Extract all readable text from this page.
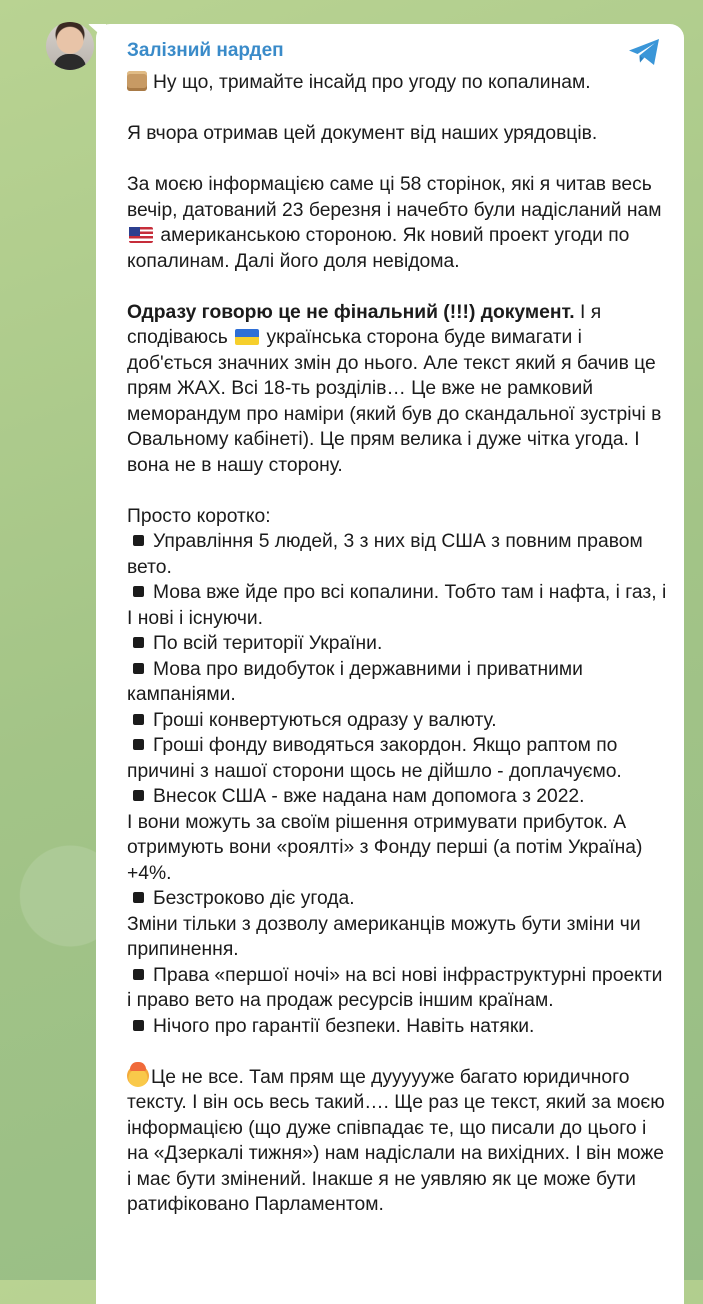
Залізний нардеп
Ну що, тримайте інсайд про угоду по копалинам.
Я вчора отримав цей документ від наших урядовців.
За моєю інформацією саме ці 58 сторінок, які я читав весь вечір, датований 23 березня і начебто були надісланий нам  американською стороною. Як новий проект угоди по копалинам. Далі його доля невідома.
Одразу говорю це не фінальний (!!!) документ. І я сподіваюсь українська сторона буде вимагати і доб'ється значних змін до нього. Але текст який я бачив це прям ЖАХ. Всі 18-ть розділів… Це вже не рамковий меморандум про наміри (який був до скандальної зустрічі в Овальному кабінеті). Це прям велика і дуже чітка угода. І вона не в нашу сторону.
Просто коротко:
Управління 5 людей, 3 з них від США з повним правом вето.
Мова вже йде про всі копалини. Тобто там і нафта, і газ, і І нові і існуючи.
По всій території України.
Мова про видобуток і державними і приватними кампаніями.
Гроші конвертуються одразу у валюту.
Гроші фонду виводяться закордон. Якщо раптом по причині з нашої сторони щось не дійшло - доплачуємо.
Внесок США - вже надана нам допомога з 2022.
І вони можуть за своїм рішення отримувати прибуток. А отримують вони «роялті» з Фонду перші (а потім Україна) +4%.
Безстроково діє угода.
Зміни тільки з дозволу американців можуть бути зміни чи припинення.
Права «першої ночі» на всі нові інфраструктурні проекти і право вето на продаж ресурсів іншим країнам.
Нічого про гарантії безпеки. Навіть натяки.
Це не все. Там прям ще дуууууже багато юридичного тексту. І він ось весь такий…. Ще раз це текст, який за моєю інформацією (що дуже співпадає те, що писали до цього і на «Дзеркалі тижня») нам надіслали на вихідних. І він може і має бути змінений. Інакше я не уявляю як це може бути ратифіковано Парламентом.
